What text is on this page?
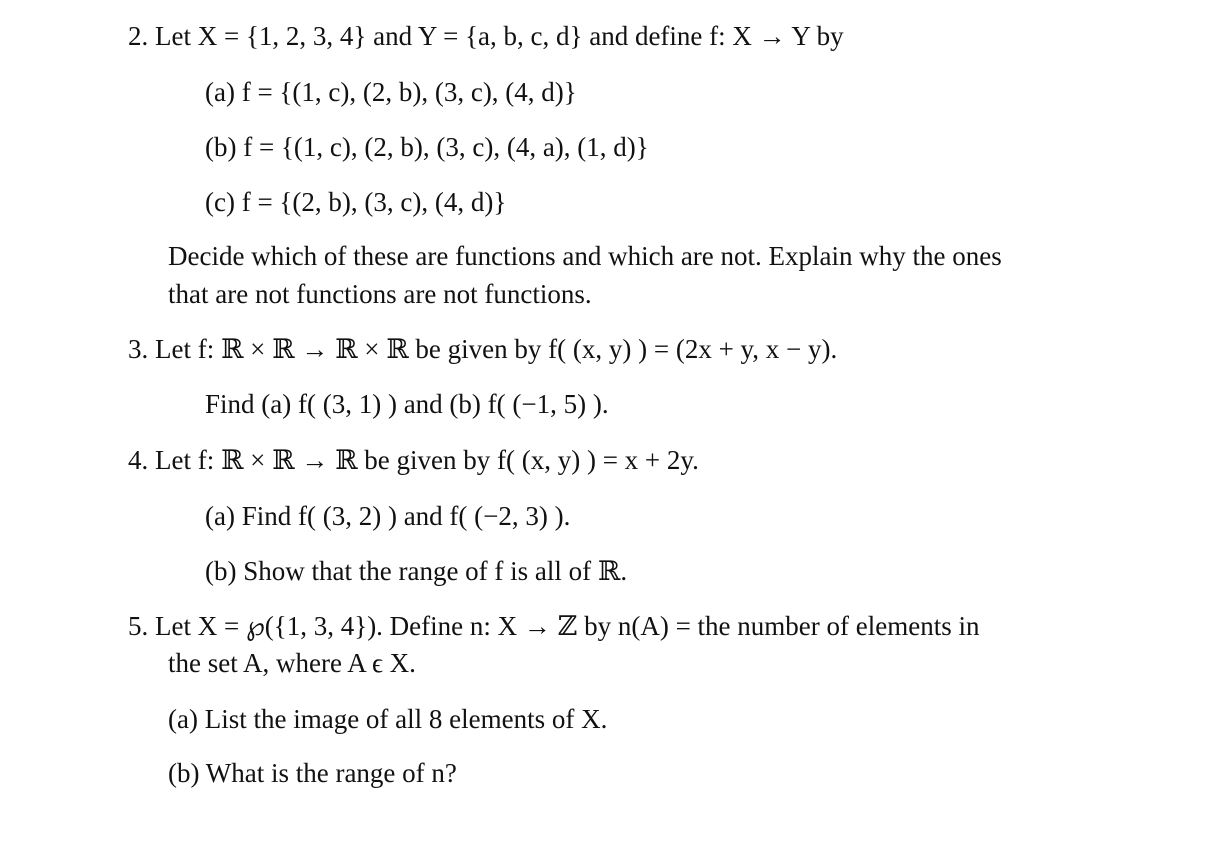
2. Let X = {1, 2, 3, 4} and Y = {a, b, c, d} and define f: X → Y by
(a) f = {(1, c), (2, b), (3, c), (4, d)}
(b) f = {(1, c), (2, b), (3, c), (4, a), (1, d)}
(c) f = {(2, b), (3, c), (4, d)}
Decide which of these are functions and which are not. Explain why the ones
that are not functions are not functions.
3. Let f: ℝ × ℝ → ℝ × ℝ be given by f( (x, y) ) = (2x + y, x − y).
Find (a) f( (3, 1) ) and (b) f( (−1, 5) ).
4. Let f: ℝ × ℝ → ℝ be given by f( (x, y) ) = x + 2y.
(a) Find f( (3, 2) ) and f( (−2, 3) ).
(b) Show that the range of f is all of ℝ.
5. Let X = ℘({1, 3, 4}). Define n: X → ℤ by n(A) = the number of elements in
the set A, where A ϵ X.
(a) List the image of all 8 elements of X.
(b) What is the range of n?
